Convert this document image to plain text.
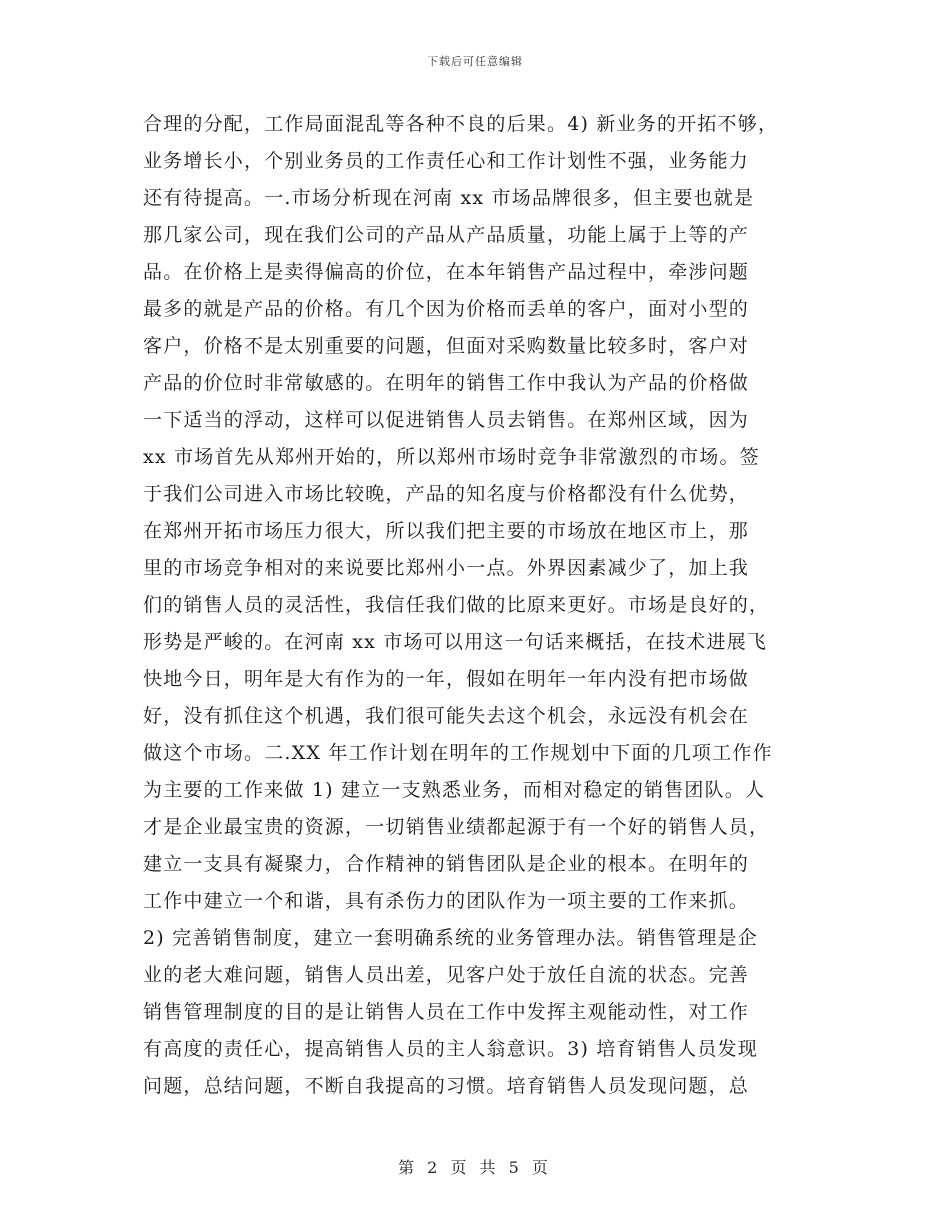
下载后可任意编辑
合理的分配，工作局面混乱等各种不良的后果。4) 新业务的开拓不够，
业务增长小，个别业务员的工作责任心和工作计划性不强，业务能力
还有待提高。一.市场分析现在河南 xx 市场品牌很多，但主要也就是
那几家公司，现在我们公司的产品从产品质量，功能上属于上等的产
品。在价格上是卖得偏高的价位，在本年销售产品过程中，牵涉问题
最多的就是产品的价格。有几个因为价格而丢单的客户，面对小型的
客户，价格不是太别重要的问题，但面对采购数量比较多时，客户对
产品的价位时非常敏感的。在明年的销售工作中我认为产品的价格做
一下适当的浮动，这样可以促进销售人员去销售。在郑州区域，因为
xx 市场首先从郑州开始的，所以郑州市场时竞争非常激烈的市场。签
于我们公司进入市场比较晚，产品的知名度与价格都没有什么优势，
在郑州开拓市场压力很大，所以我们把主要的市场放在地区市上，那
里的市场竞争相对的来说要比郑州小一点。外界因素减少了，加上我
们的销售人员的灵活性，我信任我们做的比原来更好。市场是良好的，
形势是严峻的。在河南 xx 市场可以用这一句话来概括，在技术进展飞
快地今日，明年是大有作为的一年，假如在明年一年内没有把市场做
好，没有抓住这个机遇，我们很可能失去这个机会，永远没有机会在
做这个市场。二.XX 年工作计划在明年的工作规划中下面的几项工作作
为主要的工作来做 1) 建立一支熟悉业务，而相对稳定的销售团队。人
才是企业最宝贵的资源，一切销售业绩都起源于有一个好的销售人员，
建立一支具有凝聚力，合作精神的销售团队是企业的根本。在明年的
工作中建立一个和谐，具有杀伤力的团队作为一项主要的工作来抓。
2) 完善销售制度，建立一套明确系统的业务管理办法。销售管理是企
业的老大难问题，销售人员出差，见客户处于放任自流的状态。完善
销售管理制度的目的是让销售人员在工作中发挥主观能动性，对工作
有高度的责任心，提高销售人员的主人翁意识。3) 培育销售人员发现
问题，总结问题，不断自我提高的习惯。培育销售人员发现问题，总
第 2 页 共 5 页
